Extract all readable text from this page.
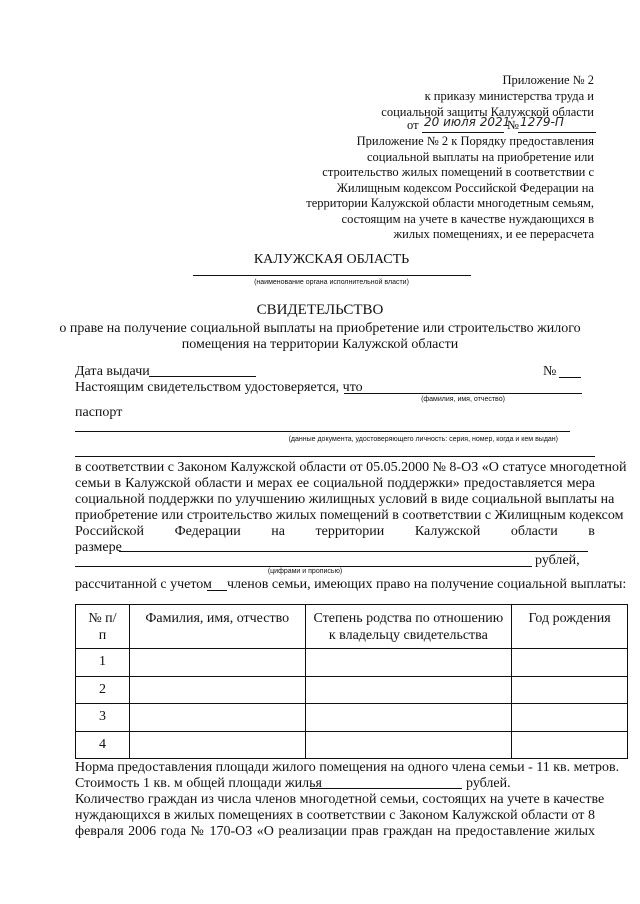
Приложение № 2
к приказу министерства труда и
социальной защиты Калужской области
от 20 июля 2021
№ 1279-П
Приложение № 2 к Порядку предоставления
социальной выплаты на приобретение или
строительство жилых помещений в соответствии с
Жилищным кодексом Российской Федерации на
территории Калужской области многодетным семьям,
состоящим на учете в качестве нуждающихся в
жилых помещениях, и ее перерасчета
КАЛУЖСКАЯ ОБЛАСТЬ
(наименование органа исполнительной власти)
СВИДЕТЕЛЬСТВО
о праве на получение социальной выплаты на приобретение или строительство жилого
помещения на территории Калужской области
Дата выдачи	№
Настоящим свидетельством удостоверяется, что
(фамилия, имя, отчество)
паспорт
(данные документа, удостоверяющего личность: серия, номер, когда и кем выдан)
в соответствии с Законом Калужской области от 05.05.2000 № 8-ОЗ «О статусе многодетной
семьи в Калужской области и мерах ее социальной поддержки» предоставляется мера
социальной поддержки по улучшению жилищных условий в виде социальной выплаты на
приобретение или строительство жилых помещений в соответствии с Жилищным кодексом
Российской Федерации на территории Калужской области в
размере
рублей,
(цифрами и прописью)
рассчитанной с учетом членов семьи, имеющих право на получение социальной выплаты:
№ п/п	Фамилия, имя, отчество	Степень родства по отношению к владельцу свидетельства	Год рождения
1			
2			
3			
4			
Норма предоставления площади жилого помещения на одного члена семьи - 11 кв. метров.
Стоимость 1 кв. м общей площади жилья	рублей.
Количество граждан из числа членов многодетной семьи, состоящих на учете в качестве
нуждающихся в жилых помещениях в соответствии с Законом Калужской области от 8
февраля 2006 года № 170-ОЗ «О реализации прав граждан на предоставление жилых
